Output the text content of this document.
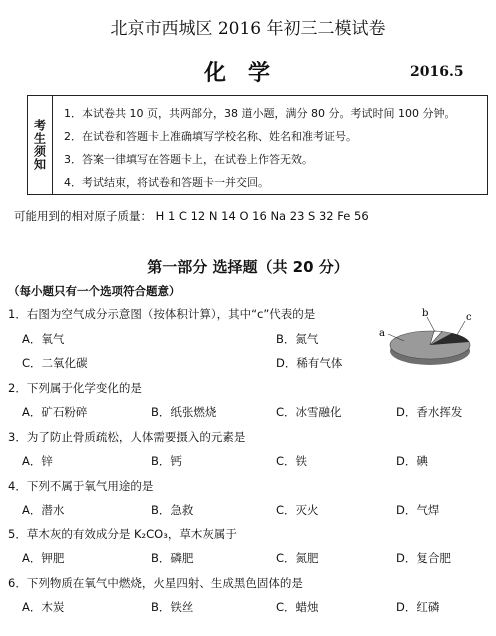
北京市西城区 2016 年初三二模试卷
化学	2016.5
考生须知
1．本试卷共 10 页，共两部分，38 道小题，满分 80 分。考试时间 100 分钟。
2．在试卷和答题卡上准确填写学校名称、姓名和准考证号。
3．答案一律填写在答题卡上，在试卷上作答无效。
4．考试结束，将试卷和答题卡一并交回。
可能用到的相对原子质量： H 1 C 12 N 14 O 16 Na 23 S 32 Fe 56
第一部分 选择题（共 20 分）
（每小题只有一个选项符合题意）
1．右图为空气成分示意图（按体积计算），其中“c”代表的是
A．氧气	B．氮气
C．二氧化碳	D．稀有气体
2．下列属于化学变化的是
A．矿石粉碎	B．纸张燃烧	C．冰雪融化	D．香水挥发
3．为了防止骨质疏松，人体需要摄入的元素是
A．锌	B．钙	C．铁	D．碘
4．下列不属于氧气用途的是
A．潜水	B．急救	C．灭火	D．气焊
5．草木灰的有效成分是 K₂CO₃，草木灰属于
A．钾肥	B．磷肥	C．氮肥	D．复合肥
6．下列物质在氧气中燃烧，火星四射、生成黑色固体的是
A．木炭	B．铁丝	C．蜡烛	D．红磷
a
b	c
